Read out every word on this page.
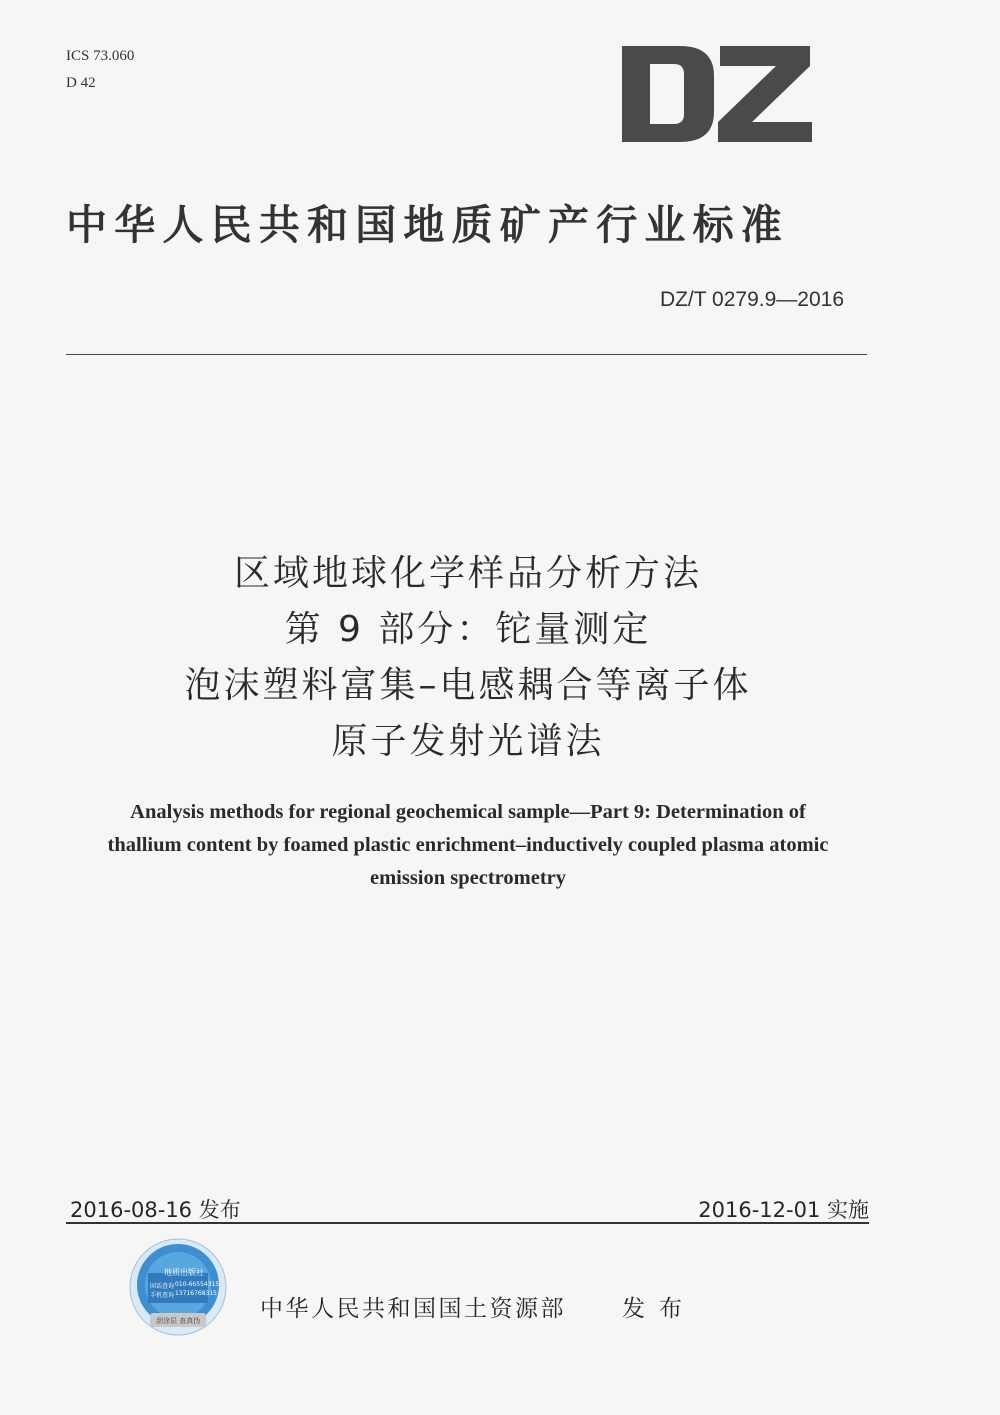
ICS 73.060
D 42
中华人民共和国地质矿产行业标准
DZ/T 0279.9—2016
区域地球化学样品分析方法
第 9 部分：铊量测定
泡沫塑料富集–电感耦合等离子体
原子发射光谱法
Analysis methods for regional geochemical sample—Part 9: Determination of
thallium content by foamed plastic enrichment–inductively coupled plasma atomic
emission spectrometry
2016-08-16 发布	2016-12-01 实施
地质出版社
固话查询 010-66554315
手机查询 13716768315
刮涂层 查真伪	中华人民共和国国土资源部 发布
